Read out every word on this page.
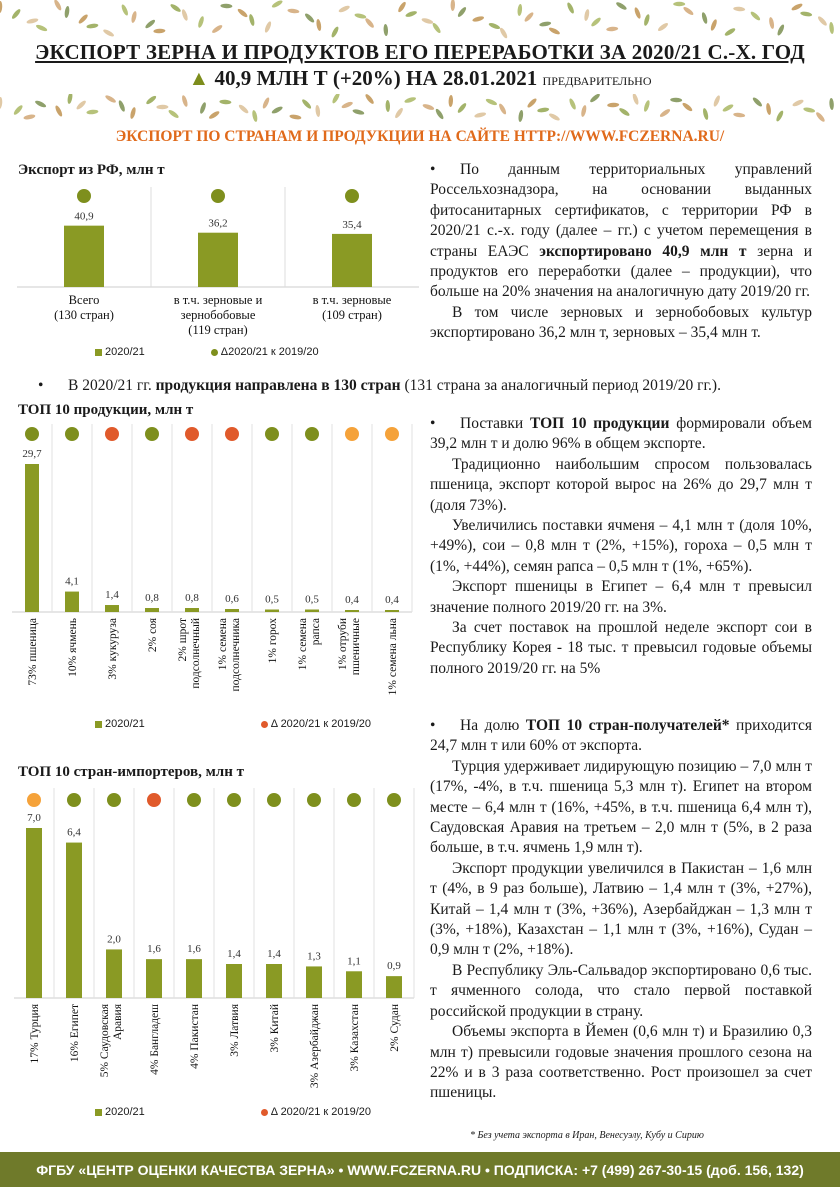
ЭКСПОРТ ЗЕРНА И ПРОДУКТОВ ЕГО ПЕРЕРАБОТКИ ЗА 2020/21 С.-Х. ГОД
▲ 40,9 МЛН Т (+20%) НА 28.01.2021 ПРЕДВАРИТЕЛЬНО
ЭКСПОРТ ПО СТРАНАМ И ПРОДУКЦИИ НА САЙТЕ HTTP://WWW.FCZERNA.RU/
Экспорт из РФ, млн т
40,9
Всего
(130 стран)
36,2
в т.ч. зерновые и
зернобобовые
(119 стран)
35,4
в т.ч. зерновые
(109 стран)
2020/21	Δ2020/21 к 2019/20

• По данным территориальных управлений Россельхознадзора, на основании выданных фитосанитарных сертификатов, с территории РФ в 2020/21 с.-х. году (далее – гг.) с учетом перемещения в страны ЕАЭС экспортировано 40,9 млн т зерна и продуктов его переработки (далее – продукции), что больше на 20% значения на аналогичную дату 2019/20 гг.

В том числе зерновых и зернобобовых культур экспортировано 36,2 млн т, зерновых – 35,4 млн т.

• В 2020/21 гг. продукция направлена в 130 стран (131 страна за аналогичный период 2019/20 гг.).

ТОП 10 продукции, млн т
29,7
73% пшеница
4,1
10% ячмень
1,4
3% кукуруза
0,8
2% соя
0,8
2% шрот подсолнечный
0,6
1% семена подсолнечника
0,5
1% горох
0,5
1% семена рапса
0,4
1% отруби пшеничные
0,4
1% семена льна
2020/21	Δ 2020/21 к 2019/20

• Поставки ТОП 10 продукции формировали объем 39,2 млн т и долю 96% в общем экспорте.

Традиционно наибольшим спросом пользовалась пшеница, экспорт которой вырос на 26% до 29,7 млн т (доля 73%).

Увеличились поставки ячменя – 4,1 млн т (доля 10%, +49%), сои – 0,8 млн т (2%, +15%), гороха – 0,5 млн т (1%, +44%), семян рапса – 0,5 млн т (1%, +65%).

Экспорт пшеницы в Египет – 6,4 млн т превысил значение полного 2019/20 гг. на 3%.

За счет поставок на прошлой неделе экспорт сои в Республику Корея - 18 тыс. т превысил годовые объемы полного 2019/20 гг. на 5%

ТОП 10 стран-импортеров, млн т
7,0
17% Турция
6,4
16% Египет
2,0
5% Саудовская Аравия
1,6
4% Бангладеш
1,6
4% Пакистан
1,4
3% Латвия
1,4
3% Китай
1,3
3% Азербайджан
1,1
3% Казахстан
0,9
2% Судан
2020/21	Δ 2020/21 к 2019/20

• На долю ТОП 10 стран-получателей* приходится 24,7 млн т или 60% от экспорта.

Турция удерживает лидирующую позицию – 7,0 млн т (17%, -4%, в т.ч. пшеница 5,3 млн т). Египет на втором месте – 6,4 млн т (16%, +45%, в т.ч. пшеница 6,4 млн т), Саудовская Аравия на третьем – 2,0 млн т (5%, в 2 раза больше, в т.ч. ячмень 1,9 млн т).

Экспорт продукции увеличился в Пакистан – 1,6 млн т (4%, в 9 раз больше), Латвию – 1,4 млн т (3%, +27%), Китай – 1,4 млн т (3%, +36%), Азербайджан – 1,3 млн т (3%, +18%), Казахстан – 1,1 млн т (3%, +16%), Судан – 0,9 млн т (2%, +18%).

В Республику Эль-Сальвадор экспортировано 0,6 тыс. т ячменного солода, что стало первой поставкой российской продукции в страну.

Объемы экспорта в Йемен (0,6 млн т) и Бразилию 0,3 млн т) превысили годовые значения прошлого сезона на 22% и в 3 раза соответственно. Рост произошел за счет пшеницы.

* Без учета экспорта в Иран, Венесуэлу, Кубу и Сирию
ФГБУ «ЦЕНТР ОЦЕНКИ КАЧЕСТВА ЗЕРНА» • WWW.FCZERNA.RU • ПОДПИСКА: +7 (499) 267-30-15 (доб. 156, 132)
